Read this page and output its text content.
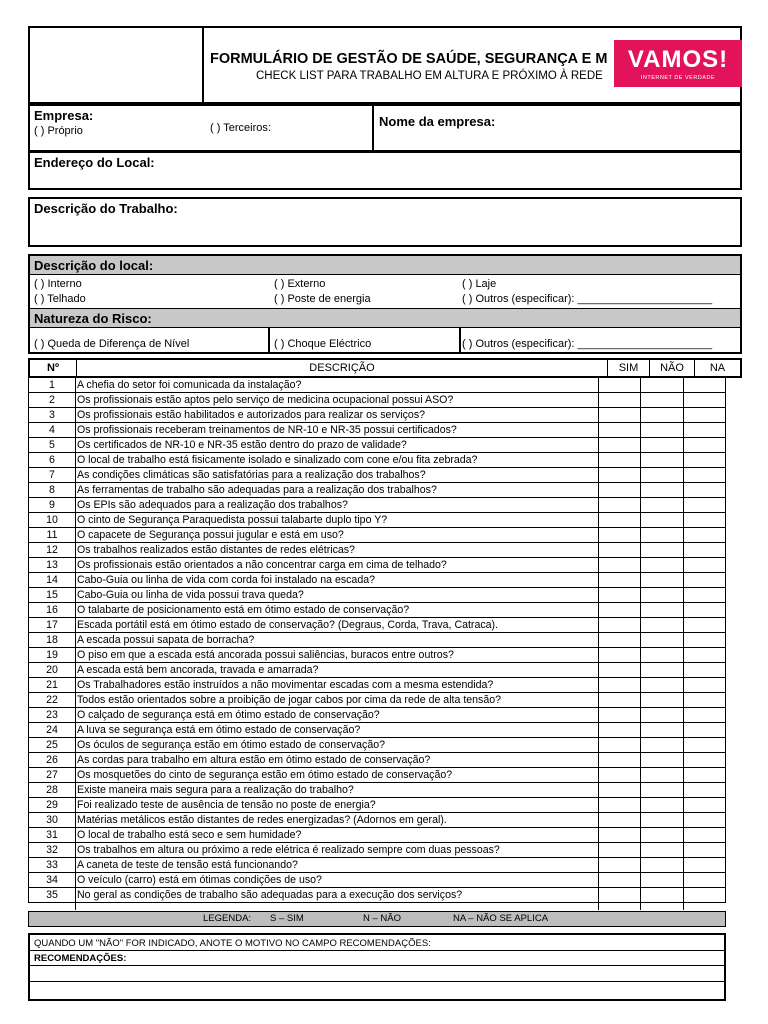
FORMULÁRIO DE GESTÃO DE SAÚDE, SEGURANÇA E M
CHECK LIST PARA TRABALHO EM ALTURA E PRÓXIMO À REDE
VAMOS!
INTERNET DE VERDADE
Empresa:
( ) Próprio	( ) Terceiros:	Nome da empresa:
Endereço do Local:
Descrição do Trabalho:
Descrição do local:
( ) Interno
( ) Telhado
( ) Externo
( ) Poste de energia
( ) Laje
( ) Outros (especificar): ______________________
Natureza do Risco:
( ) Queda de Diferença de Nível	( ) Choque Eléctrico	( ) Outros (especificar): ______________________
Nº	DESCRIÇÃO	SIM	NÃO	NA
1	A chefia do setor foi comunicada da instalação?
2	Os profissionais estão aptos pelo serviço de medicina ocupacional possui ASO?
3	Os profissionais estão habilitados e autorizados para realizar os serviços?
4	Os profissionais receberam treinamentos de NR-10 e NR-35 possui certificados?
5	Os certificados de NR-10 e NR-35 estão dentro do prazo de validade?
6	O local de trabalho está fisicamente isolado e sinalizado com cone e/ou fita zebrada?
7	As condições climáticas são satisfatórias para a realização dos trabalhos?
8	As ferramentas de trabalho são adequadas para a realização dos trabalhos?
9	Os EPIs são adequados para a realização dos trabalhos?
10	O cinto de Segurança Paraquedista possui talabarte duplo tipo Y?
11	O capacete de Segurança possui jugular e está em uso?
12	Os trabalhos realizados estão distantes de redes elétricas?
13	Os profissionais estão orientados a não concentrar carga em cima de telhado?
14	Cabo-Guia ou linha de vida com corda foi instalado na escada?
15	Cabo-Guia ou linha de vida possui trava queda?
16	O talabarte de posicionamento está em ótimo estado de conservação?
17	Escada portátil está em ótimo estado de conservação? (Degraus, Corda, Trava, Catraca).
18	A escada possui sapata de borracha?
19	O piso em que a escada está ancorada possui saliências, buracos entre outros?
20	A escada está bem ancorada, travada e amarrada?
21	Os Trabalhadores estão instruídos a não movimentar escadas com a mesma estendida?
22	Todos estão orientados sobre a proibição de jogar cabos por cima da rede de alta tensão?
23	O calçado de segurança está em ótimo estado de conservação?
24	A luva se segurança está em ótimo estado de conservação?
25	Os óculos de segurança estão em ótimo estado de conservação?
26	As cordas para trabalho em altura estão em ótimo estado de conservação?
27	Os mosquetões do cinto de segurança estão em ótimo estado de conservação?
28	Existe maneira mais segura para a realização do trabalho?
29	Foi realizado teste de ausência de tensão no poste de energia?
30	Matérias metálicos estão distantes de redes energizadas? (Adornos em geral).
31	O local de trabalho está seco e sem humidade?
32	Os trabalhos em altura ou próximo a rede elétrica é realizado sempre com duas pessoas?
33	A caneta de teste de tensão está funcionando?
34	O veículo (carro) está em ótimas condições de uso?
35	No geral as condições de trabalho são adequadas para a execução dos serviços?
LEGENDA: S – SIM	N – NÃO	NA – NÃO SE APLICA
QUANDO UM "NÃO" FOR INDICADO, ANOTE O MOTIVO NO CAMPO RECOMENDAÇÕES:
RECOMENDAÇÕES:
